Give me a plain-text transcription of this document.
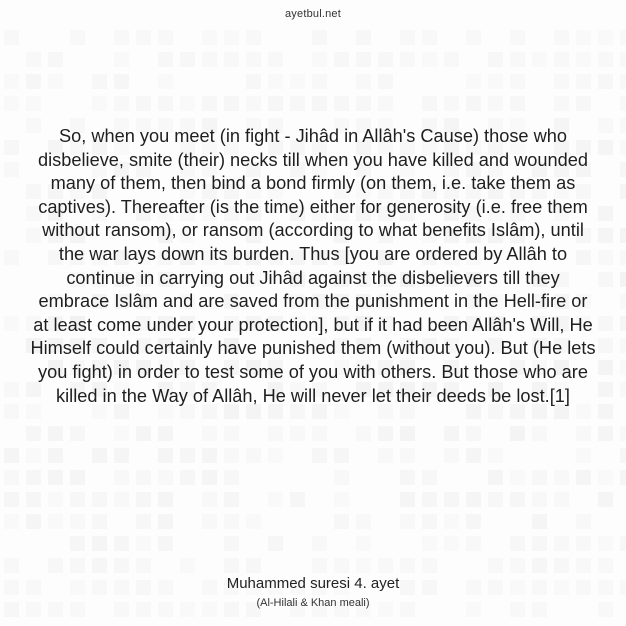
ayetbul.net
So, when you meet (in fight - Jihâd in Allâh's Cause) those who disbelieve, smite (their) necks till when you have killed and wounded many of them, then bind a bond firmly (on them, i.e. take them as captives). Thereafter (is the time) either for generosity (i.e. free them without ransom), or ransom (according to what benefits Islâm), until the war lays down its burden. Thus [you are ordered by Allâh to continue in carrying out Jihâd against the disbelievers till they embrace Islâm and are saved from the punishment in the Hell-fire or at least come under your protection], but if it had been Allâh's Will, He Himself could certainly have punished them (without you). But (He lets you fight) in order to test some of you with others. But those who are killed in the Way of Allâh, He will never let their deeds be lost.[1]
Muhammed suresi 4. ayet
(Al-Hilali & Khan meali)
